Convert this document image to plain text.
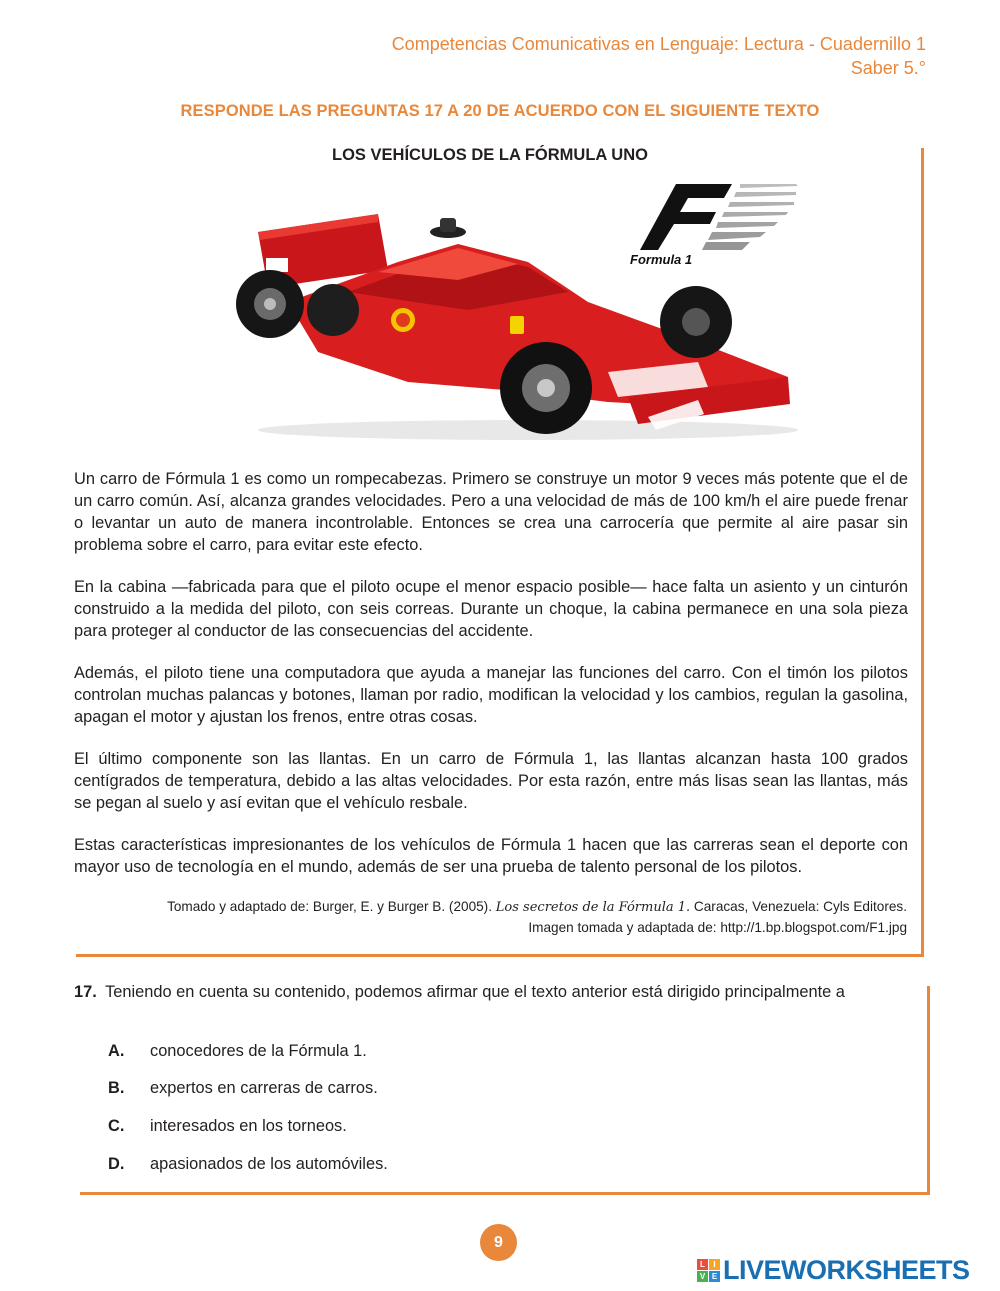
Competencias Comunicativas en Lenguaje: Lectura - Cuadernillo 1
Saber 5.°
RESPONDE LAS PREGUNTAS 17 A 20 DE ACUERDO CON EL SIGUIENTE TEXTO
LOS VEHÍCULOS DE LA FÓRMULA UNO
Formula 1

Un carro de Fórmula 1 es como un rompecabezas. Primero se construye un motor 9 veces más potente que el de un carro común. Así, alcanza grandes velocidades. Pero a una velocidad de más de 100 km/h el aire puede frenar o levantar un auto de manera incontrolable. Entonces se crea una carrocería que permite al aire pasar sin problema sobre el carro, para evitar este efecto.

En la cabina —fabricada para que el piloto ocupe el menor espacio posible— hace falta un asiento y un cinturón construido a la medida del piloto, con seis correas. Durante un choque, la cabina permanece en una sola pieza para proteger al conductor de las consecuencias del accidente.

Además, el piloto tiene una computadora que ayuda a manejar las funciones del carro. Con el timón los pilotos controlan muchas palancas y botones, llaman por radio, modifican la velocidad y los cambios, regulan la gasolina, apagan el motor y ajustan los frenos, entre otras cosas.

El último componente son las llantas. En un carro de Fórmula 1, las llantas alcanzan hasta 100 grados centígrados de temperatura, debido a las altas velocidades. Por esta razón, entre más lisas sean las llantas, más se pegan al suelo y así evitan que el vehículo resbale.

Estas características impresionantes de los vehículos de Fórmula 1 hacen que las carreras sean el deporte con mayor uso de tecnología en el mundo, además de ser una prueba de talento personal de los pilotos.

Tomado y adaptado de: Burger, E. y Burger B. (2005). Los secretos de la Fórmula 1. Caracas, Venezuela: Cyls Editores.
Imagen tomada y adaptada de: http://1.bp.blogspot.com/F1.jpg
17. Teniendo en cuenta su contenido, podemos afirmar que el texto anterior está dirigido principalmente a
A.	conocedores de la Fórmula 1.
B.	expertos en carreras de carros.
C.	interesados en los torneos.
D.	apasionados de los automóviles.
9
L	I
V E LIVEWORKSHEETS
